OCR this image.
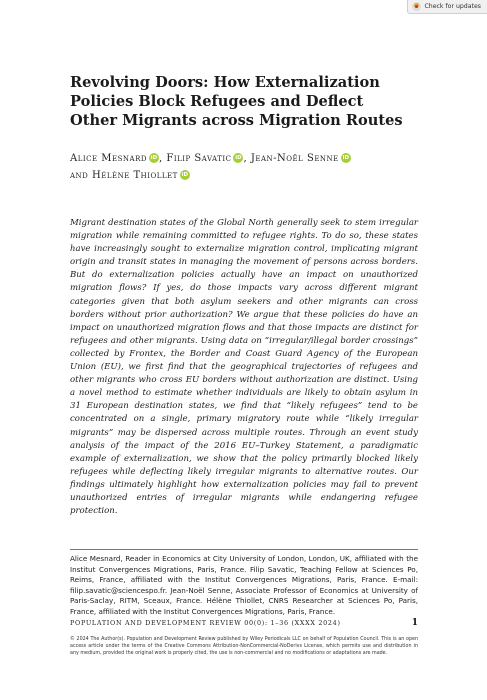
Check for updates
Revolving Doors: How Externalization Policies Block Refugees and Deflect Other Migrants across Migration Routes
Alice Mesnard iD , Filip Savatic iD , Jean-Noël Senne iD
and Hélène Thiollet iD

Migrant destination states of the Global North generally seek to stem irregular migration while remaining committed to refugee rights. To do so, these states have increasingly sought to externalize migration control, implicating migrant origin and transit states in managing the movement of persons across borders. But do externalization policies actually have an impact on unauthorized migration flows? If yes, do those impacts vary across different migrant categories given that both asylum seekers and other migrants can cross borders without prior authorization? We argue that these policies do have an impact on unauthorized migration flows and that those impacts are distinct for refugees and other migrants. Using data on “irregular/illegal border crossings” collected by Frontex, the Border and Coast Guard Agency of the European Union (EU), we first find that the geographical trajectories of refugees and other migrants who cross EU borders without authorization are distinct. Using a novel method to estimate whether individuals are likely to obtain asylum in 31 European destination states, we find that “likely refugees” tend to be concentrated on a single, primary migratory route while “likely irregular migrants” may be dispersed across multiple routes. Through an event study analysis of the impact of the 2016 EU–Turkey Statement, a paradigmatic example of externalization, we show that the policy primarily blocked likely refugees while deflecting likely irregular migrants to alternative routes. Our findings ultimately highlight how externalization policies may fail to prevent unauthorized entries of irregular migrants while endangering refugee protection.

Alice Mesnard, Reader in Economics at City University of London, London, UK, affiliated with the Institut Convergences Migrations, Paris, France. Filip Savatic, Teaching Fellow at Sciences Po, Reims, France, affiliated with the Institut Convergences Migrations, Paris, France. E-mail: filip.savatic@sciencespo.fr. Jean-Noël Senne, Associate Professor of Economics at University of Paris-Saclay, RITM, Sceaux, France. Hélène Thiollet, CNRS Researcher at Sciences Po, Paris, France, affiliated with the Institut Convergences Migrations, Paris, France.

POPULATION AND DEVELOPMENT REVIEW 00(0): 1–36 (XXXX 2024)	1

© 2024 The Author(s). Population and Development Review published by Wiley Periodicals LLC on behalf of Population Council. This is an open access article under the terms of the Creative Commons Attribution-NonCommercial-NoDerivs License, which permits use and distribution in any medium, provided the original work is properly cited, the use is non-commercial and no modifications or adaptations are made.
